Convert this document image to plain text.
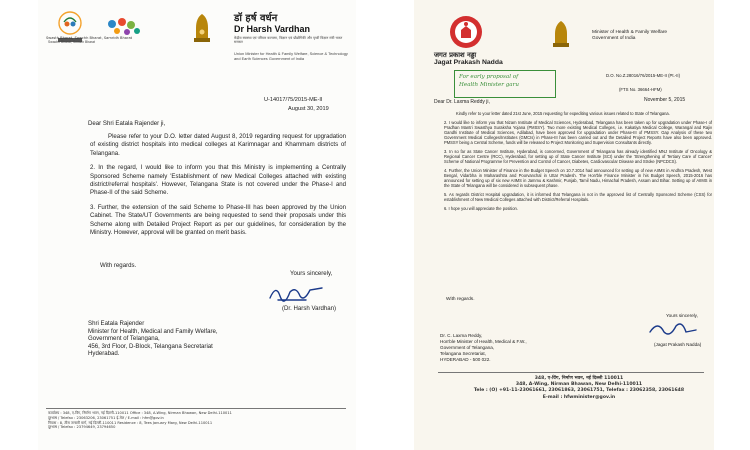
Swachh Bharat, Swasth Bharat
Swasth Bharat, Swachh Bharat, Samridh Bharat
डॉ हर्ष वर्धन
Dr Harsh Vardhan
केंद्रीय स्वास्थ्य एवं परिवार कल्याण, विज्ञान एवं प्रौद्योगिकी और पृथ्वी विज्ञान मंत्री भारत सरकार
Union Minister for Health & Family Welfare, Science & Technology and Earth Sciences Government of India
U-14017/75/2015-ME-II
August 30, 2019
Dear Shri Eatala Rajender ji,

Please refer to your D.O. letter dated August 8, 2019 regarding request for upgradation of existing district hospitals into medical colleges at Karimnagar and Khammam districts of Telangana.

2. In the regard, I would like to inform you that this Ministry is implementing a Centrally Sponsored Scheme namely 'Establishment of new Medical Colleges attached with existing district/referral hospitals'. However, Telangana State is not covered under the Phase-I and Phase-II of the said Scheme.

3. Further, the extension of the said Scheme to Phase-III has been approved by the Union Cabinet. The State/UT Governments are being requested to send their proposals under this Scheme along with Detailed Project Report as per our guidelines, for consideration by the Ministry. However, approval will be granted on merit basis.

With regards.
Yours sincerely,
(Dr. Harsh Vardhan)
Shri Eatala Rajender
Minister for Health, Medical and Family Welfare,
Government of Telangana,
456, 3rd Floor, D-Block, Telangana Secretariat
Hyderabad.
कार्यालय : 348, ए-विंग, निर्माण भवन, नई दिल्ली-110011 Office : 348, A-Wing, Nirman Bhawan, New Delhi-110011
दूरभाष / Telefax : 23063206, 23061751 ई-मेल / E-mail : hfm@gov.in
निवास : 8, तीस जनवरी मार्ग, नई दिल्ली-110011 Residence : 8, Tees January Marg, New Delhi-110011
दूरभाष / Telefax : 23794649, 23794650
जगत प्रकाश नड्डा
Jagat Prakash Nadda
Minister of Health & Family Welfare
Government of India
For early proposal of
Health Minister garu
D.O. No.Z.28016/76/2015-ME-II (Pt.-II)
(FTS No. 36664-HFM)
November 5, 2015
Dear Dr. Laxma Reddy ji,

Kindly refer to your letter dated 21st June, 2015 requesting for expediting various issues related to State of Telangana.

2. I would like to inform you that Nizam Institute of Medical Sciences, Hyderabad, Telangana has been taken up for upgradation under Phase-I of Pradhan Mantri Swasthya Suraksha Yojana (PMSSY). Two more existing Medical Colleges, i.e. Kakatiya Medical College, Warangal and Rajiv Gandhi Institute of Medical Sciences, Adilabad, have been approved for upgradation under Phase-III of PMSSY. Gap Analysis of these two Government Medical Colleges/Institutes (GMCIs) in Phase-III has been carried out and the Detailed Project Reports have also been approved. PMSSY being a Central Scheme, funds will be released to Project Monitoring and Supervision Consultants directly.

3. In so far as State Cancer Institute, Hyderabad, is concerned, Government of Telangana has already identified MNJ Institute of Oncology & Regional Cancer Centre (RCC), Hyderabad, for setting up of State Cancer Institute (SCI) under the 'Strengthening of Tertiary Care of Cancer' Scheme of National Programme for Prevention and Control of Cancer, Diabetes, Cardiovascular Disease and Stroke (NPCDCS).

4. Further, the Union Minister of Finance in the Budget Speech on 10.7.2014 had announced for setting up of new AIIMS in Andhra Pradesh, West Bengal, Vidarbha in Maharashtra and Poorvanchal in Uttar Pradesh. The Hon'ble Finance Minister in his Budget Speech, 2015-2016 has announced for setting up of six new AIIMS in Jammu & Kashmir, Punjab, Tamil Nadu, Himachal Pradesh, Assam and Bihar. Setting up of AIIMS in the State of Telangana will be considered in subsequent phase.

5. As regards District Hospital upgradation, it is informed that Telangana is not in the approved list of Centrally Sponsored Scheme (CSS) for establishment of New Medical Colleges attached with District/Referral Hospitals.

6. I hope you will appreciate the position.

With regards.
Yours sincerely,
(Jagat Prakash Nadda)
Dr. C. Laxma Reddy,
Hon'ble Minister of Health, Medical & F.W.,
Government of Telangana,
Telangana Secretariat,
HYDERABAD - 500 022.
348, ए-विंग, निर्माण भवन, नई दिल्ली 110011
348, A-Wing, Nirman Bhawan, New Delhi-110011
Tele : (O) +91-11-23061661, 23061863, 23061751, Telefax : 23062358, 23061648
E-mail : hfwminister@gov.in
